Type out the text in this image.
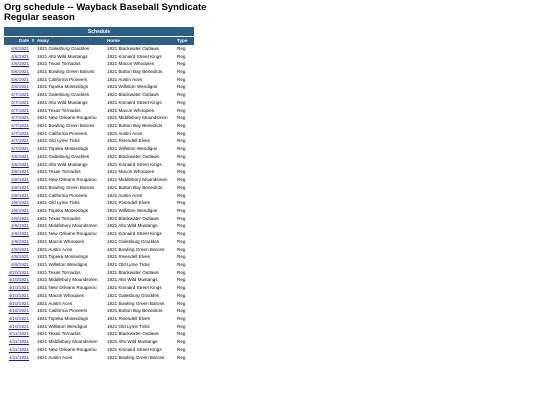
Org schedule -- Wayback Baseball Syndicate
Regular season
Schedule				
Date	#	Away	Home	Type
4/6/1921		1921 Galesburg Grackles	1921 Blackwater Outlaws	Reg
4/6/1921		1921 Alto Wild Mustangs	1921 Kinnaird Street Kings	Reg
4/6/1921		1921 Texas Tornados	1921 Macon Whoopies	Reg
4/6/1921		1921 Bowling Green Barons	1921 Button Bay Benedicts	Reg
4/6/1921		1921 California Pioneers	1921 Austin Aces	Reg
4/6/1921		1921 Topeka Mossedogs	1921 Williston Wendigos	Reg
4/7/1921		1921 Galesburg Grackles	1921 Blackwater Outlaws	Reg
4/7/1921		1921 Alto Wild Mustangs	1921 Kinnaird Street Kings	Reg
4/7/1921		1921 Texas Tornados	1921 Macon Whoopies	Reg
4/7/1921		1921 New Orleans Rougarou	1921 Middlebury Moundsmen	Reg
4/7/1921		1921 Bowling Green Barons	1921 Button Bay Benedicts	Reg
4/7/1921		1921 California Pioneers	1921 Austin Aces	Reg
4/7/1921		1921 Old Lyme Ticks	1921 Rivendell Elves	Reg
4/7/1921		1921 Topeka Mossedogs	1921 Williston Wendigos	Reg
4/8/1921		1921 Galesburg Grackles	1921 Blackwater Outlaws	Reg
4/8/1921		1921 Alto Wild Mustangs	1921 Kinnaird Street Kings	Reg
4/8/1921		1921 Texas Tornados	1921 Macon Whoopies	Reg
4/8/1921		1921 New Orleans Rougarou	1921 Middlebury Moundsmen	Reg
4/8/1921		1921 Bowling Green Barons	1921 Button Bay Benedicts	Reg
4/8/1921		1921 California Pioneers	1921 Austin Aces	Reg
4/8/1921		1921 Old Lyme Ticks	1921 Rivendell Elves	Reg
4/8/1921		1921 Topeka Mossedogs	1921 Williston Wendigos	Reg
4/9/1921		1921 Texas Tornados	1921 Blackwater Outlaws	Reg
4/9/1921		1921 Middlebury Moundsmen	1921 Alto Wild Mustangs	Reg
4/9/1921		1921 New Orleans Rougarou	1921 Kinnaird Street Kings	Reg
4/9/1921		1921 Macon Whoopies	1921 Galesburg Grackles	Reg
4/9/1921		1921 Austin Aces	1921 Bowling Green Barons	Reg
4/9/1921		1921 Topeka Mossedogs	1921 Rivendell Elves	Reg
4/9/1921		1921 Williston Wendigos	1921 Old Lyme Ticks	Reg
4/10/1921		1921 Texas Tornados	1921 Blackwater Outlaws	Reg
4/10/1921		1921 Middlebury Moundsmen	1921 Alto Wild Mustangs	Reg
4/10/1921		1921 New Orleans Rougarou	1921 Kinnaird Street Kings	Reg
4/10/1921		1921 Macon Whoopies	1921 Galesburg Grackles	Reg
4/10/1921		1921 Austin Aces	1921 Bowling Green Barons	Reg
4/10/1921		1921 California Pioneers	1921 Button Bay Benedicts	Reg
4/10/1921		1921 Topeka Mossedogs	1921 Rivendell Elves	Reg
4/10/1921		1921 Williston Wendigos	1921 Old Lyme Ticks	Reg
4/11/1921		1921 Texas Tornados	1921 Blackwater Outlaws	Reg
4/11/1921		1921 Middlebury Moundsmen	1921 Alto Wild Mustangs	Reg
4/11/1921		1921 New Orleans Rougarou	1921 Kinnaird Street Kings	Reg
4/11/1921		1921 Austin Aces	1921 Bowling Green Barons	Reg
